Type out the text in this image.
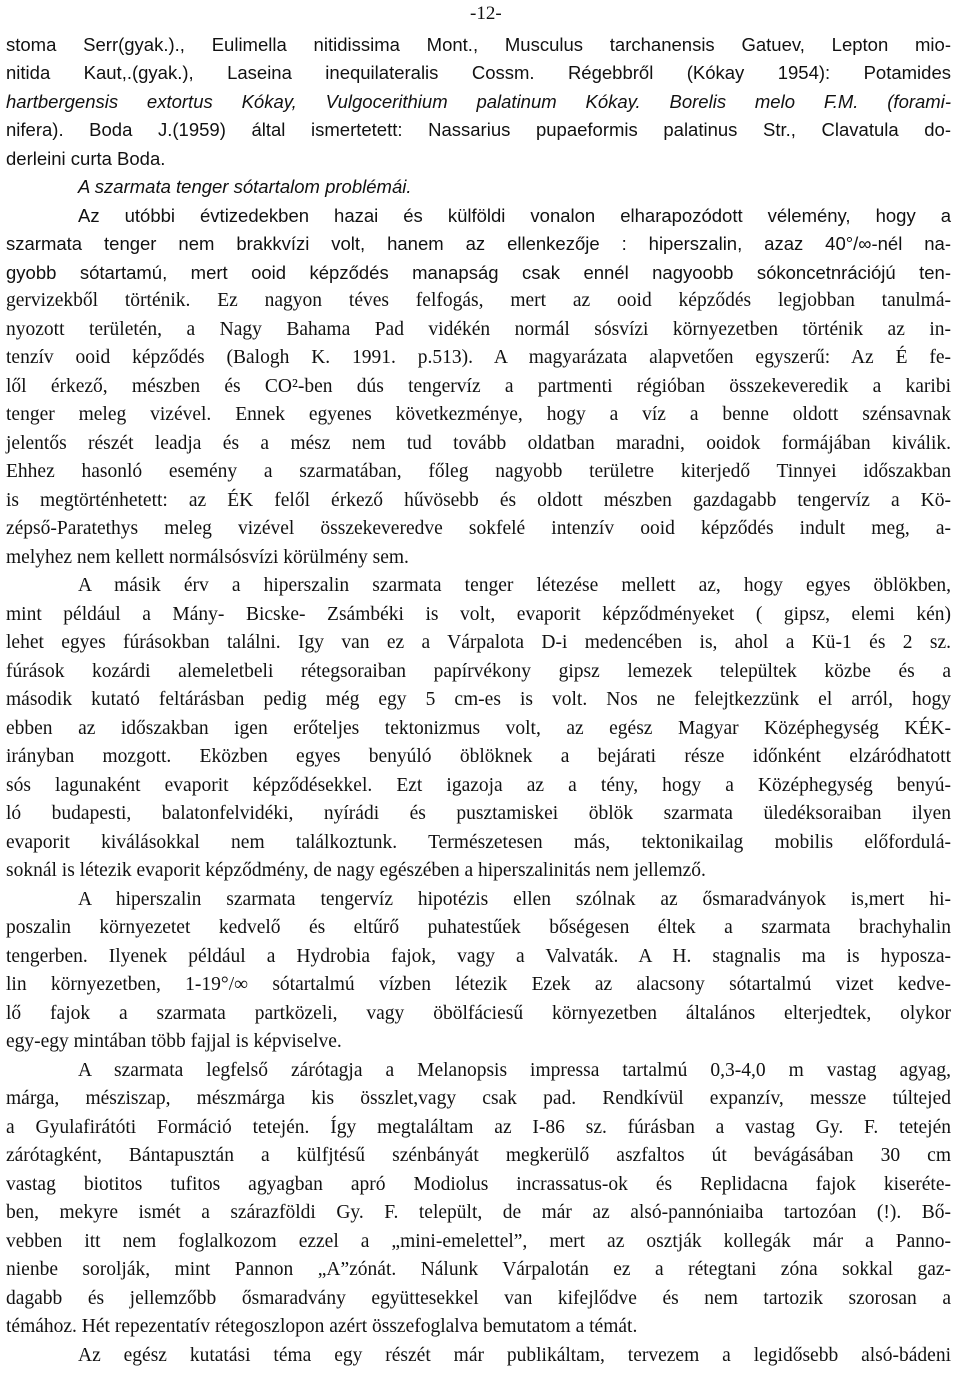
-12-
stoma Serr(gyak.)., Eulimella nitidissima Mont., Musculus tarchanensis Gatuev, Lepton mio-
nitida Kaut,.(gyak.), Laseina inequilateralis Cossm. Régebbről (Kókay 1954): Potamides
hartbergensis extortus Kókay, Vulgocerithium palatinum Kókay. Borelis melo F.M. (forami-
nifera). Boda J.(1959) által ismertetett: Nassarius pupaeformis palatinus Str., Clavatula do-
derleini curta Boda.
A szarmata tenger sótartalom problémái.
Az utóbbi évtizedekben hazai és külföldi vonalon elharapozódott vélemény, hogy a
szarmata tenger nem brakkvízi volt, hanem az ellenkezője : hiperszalin, azaz 40°/∞-nél na-
gyobb sótartamú, mert ooid képződés manapság csak ennél nagyoobb sókoncetnrációjú ten-
gervizekből történik. Ez nagyon téves felfogás, mert az ooid képződés legjobban tanulmá-
nyozott területén, a Nagy Bahama Pad vidékén normál sósvízi környezetben történik az in-
tenzív ooid képződés (Balogh K. 1991. p.513). A magyarázata alapvetően egyszerű: Az É fe-
lől érkező, mészben és CO²-ben dús tengervíz a partmenti régióban összekeveredik a karibi
tenger meleg vizével. Ennek egyenes következménye, hogy a víz a benne oldott szénsavnak
jelentős részét leadja és a mész nem tud tovább oldatban maradni, ooidok formájában kiválik.
Ehhez hasonló esemény a szarmatában, főleg nagyobb területre kiterjedő Tinnyei időszakban
is megtörténhetett: az ÉK felől érkező hűvösebb és oldott mészben gazdagabb tengervíz a Kö-
zépső-Paratethys meleg vizével összekeveredve sokfelé intenzív ooid képződés indult meg, a-
melyhez nem kellett normálsósvízi körülmény sem.
A másik érv a hiperszalin szarmata tenger létezése mellett az, hogy egyes öblökben,
mint például a Mány- Bicske- Zsámbéki is volt, evaporit képződményeket ( gipsz, elemi kén)
lehet egyes fúrásokban találni. Igy van ez a Várpalota D-i medencében is, ahol a Kü-1 és 2 sz.
fúrások kozárdi alemeletbeli rétegsoraiban papírvékony gipsz lemezek települtek közbe és a
második kutató feltárásban pedig még egy 5 cm-es is volt. Nos ne felejtkezzünk el arról, hogy
ebben az időszakban igen erőteljes tektonizmus volt, az egész Magyar Középhegység KÉK-
irányban mozgott. Eközben egyes benyúló öblöknek a bejárati része időnként elzáródhatott
sós lagunaként evaporit képződésekkel. Ezt igazoja az a tény, hogy a Középhegység benyú-
ló budapesti, balatonfelvidéki, nyírádi és pusztamiskei öblök szarmata üledéksoraiban ilyen
evaporit kiválásokkal nem találkoztunk. Természetesen más, tektonikailag mobilis előfordulá-
soknál is létezik evaporit képződmény, de nagy egészében a hiperszalinitás nem jellemző.
A hiperszalin szarmata tengervíz hipotézis ellen szólnak az ősmaradványok is,mert hi-
poszalin környezetet kedvelő és eltűrő puhatestűek bőségesen éltek a szarmata brachyhalin
tengerben. Ilyenek például a Hydrobia fajok, vagy a Valvaták. A H. stagnalis ma is hyposza-
lin környezetben, 1-19°/∞ sótartalmú vízben létezik Ezek az alacsony sótartalmú vizet kedve-
lő fajok a szarmata partközeli, vagy öbölfáciesű környezetben általános elterjedtek, olykor
egy-egy mintában több fajjal is képviselve.
A szarmata legfelső zárótagja a Melanopsis impressa tartalmú 0,3-4,0 m vastag agyag,
márga, mésziszap, mészmárga kis összlet,vagy csak pad. Rendkívül expanzív, messze túltejed
a Gyulafirátóti Formáció tetején. Így megtaláltam az I-86 sz. fúrásban a vastag Gy. F. tetején
zárótagként, Bántapusztán a külfjtésű szénbányát megkerülő aszfaltos út bevágásában 30 cm
vastag biotitos tufitos agyagban apró Modiolus incrassatus-ok és Replidacna fajok kiseréte-
ben, mekyre ismét a szárazföldi Gy. F. települt, de már az alsó-pannóniaiba tartozóan (!). Bő-
vebben itt nem foglalkozom ezzel a „mini-emelettel”, mert az osztják kollegák már a Panno-
nienbe sorolják, mint Pannon „A”zónát. Nálunk Várpalotán ez a rétegtani zóna sokkal gaz-
dagabb és jellemzőbb ősmaradvány együttesekkel van kifejlődve és nem tartozik szorosan a
témához. Hét repezentatív rétegoszlopon azért összefoglalva bemutatom a témát.
Az egész kutatási téma egy részét már publikáltam, tervezem a legidősebb alsó-bádeni
